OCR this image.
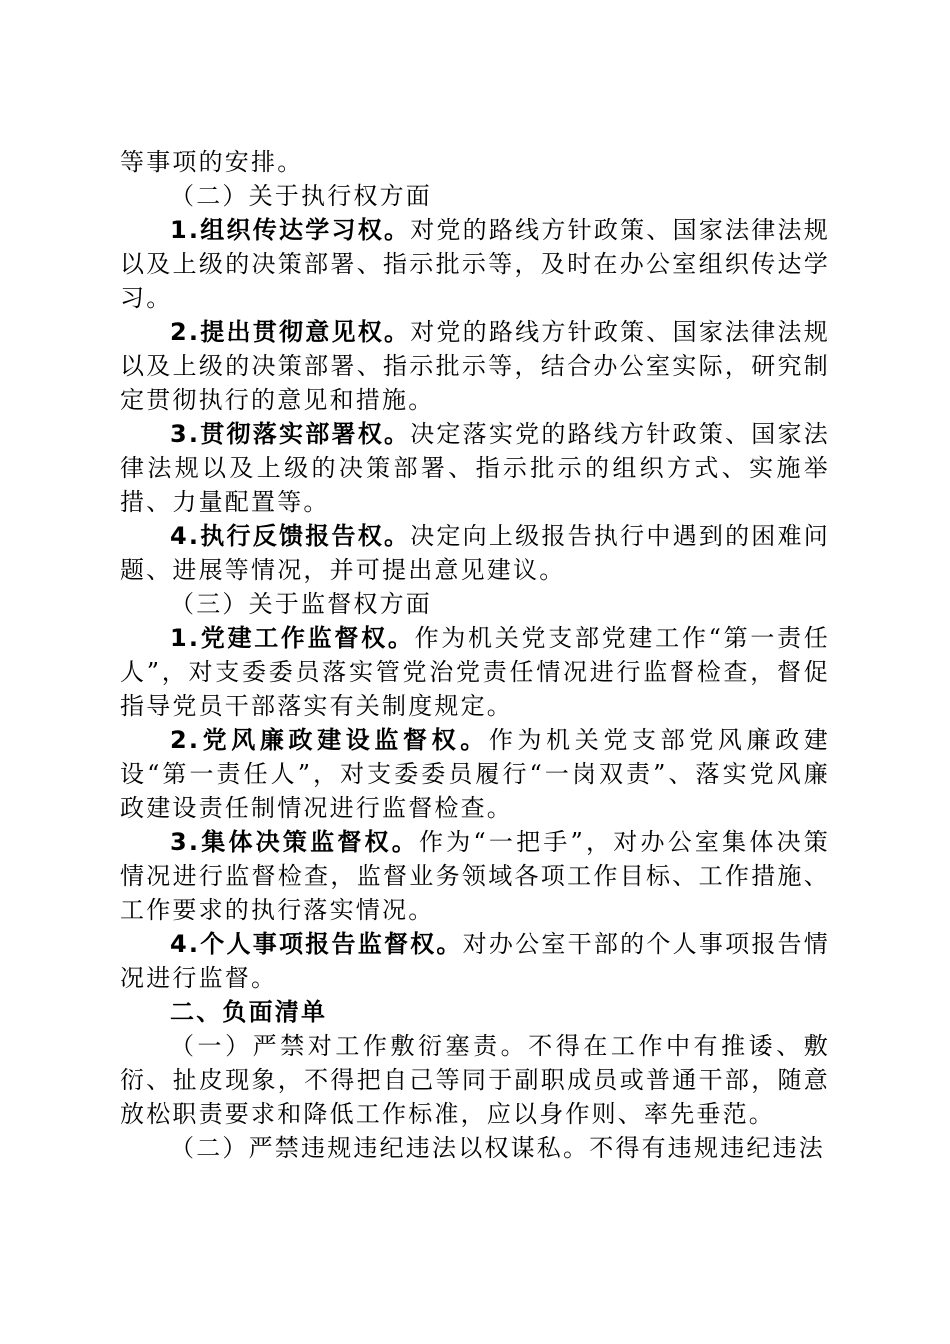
等事项的安排。

（二）关于执行权方面

1.组织传达学习权。对党的路线方针政策、国家法律法规以及上级的决策部署、指示批示等，及时在办公室组织传达学习。

2.提出贯彻意见权。对党的路线方针政策、国家法律法规以及上级的决策部署、指示批示等，结合办公室实际，研究制定贯彻执行的意见和措施。

3.贯彻落实部署权。决定落实党的路线方针政策、国家法律法规以及上级的决策部署、指示批示的组织方式、实施举措、力量配置等。

4.执行反馈报告权。决定向上级报告执行中遇到的困难问题、进展等情况，并可提出意见建议。

（三）关于监督权方面

1.党建工作监督权。作为机关党支部党建工作“第一责任人”，对支委委员落实管党治党责任情况进行监督检查，督促指导党员干部落实有关制度规定。

2.党风廉政建设监督权。作为机关党支部党风廉政建设“第一责任人”，对支委委员履行“一岗双责”、落实党风廉政建设责任制情况进行监督检查。

3.集体决策监督权。作为“一把手”，对办公室集体决策情况进行监督检查，监督业务领域各项工作目标、工作措施、工作要求的执行落实情况。

4.个人事项报告监督权。对办公室干部的个人事项报告情况进行监督。

二、负面清单

（一）严禁对工作敷衍塞责。不得在工作中有推诿、敷衍、扯皮现象，不得把自己等同于副职成员或普通干部，随意放松职责要求和降低工作标准，应以身作则、率先垂范。

（二）严禁违规违纪违法以权谋私。不得有违规违纪违法
